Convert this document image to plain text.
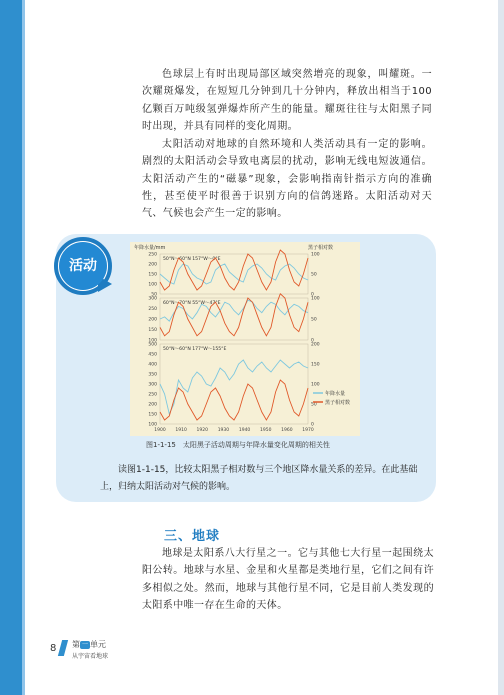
色球层上有时出现局部区域突然增亮的现象，叫耀斑。一次耀斑爆发，在短短几分钟到几十分钟内，释放出相当于100亿颗百万吨级氢弹爆炸所产生的能量。耀斑往往与太阳黑子同时出现，并具有同样的变化周期。

太阳活动对地球的自然环境和人类活动具有一定的影响。剧烈的太阳活动会导致电离层的扰动，影响无线电短波通信。太阳活动产生的“磁暴”现象，会影响指南针指示方向的准确性，甚至使平时很善于识别方向的信鸽迷路。太阳活动对天气、气候也会产生一定的影响。

活动
年降水量/mm	黑子相对数
50°N～60°N 157°W～0°E
250
200
150
100
50
100
50
0
60°N～70°N 55°W～47°E
300
250
200
150
100
100
50
0
50°N～60°N 177°W～155°E
500
450
400
350
300
250
200
150
100
200
150
100
50
0
1900 1910 1920 1930 1940 1950 1960 1970
年降水量
黑子相对数
图1-1-15　太阳黑子活动周期与年降水量变化周期的相关性

读图1-1-15，比较太阳黑子相对数与三个地区降水量关系的差异。在此基础上，归纳太阳活动对气候的影响。

三、地球

地球是太阳系八大行星之一。它与其他七大行星一起围绕太阳公转。地球与水星、金星和火星都是类地行星，它们之间有许多相似之处。然而，地球与其他行星不同，它是目前人类发现的太阳系中唯一存在生命的天体。

8 第 一 单元
从宇宙看地球
